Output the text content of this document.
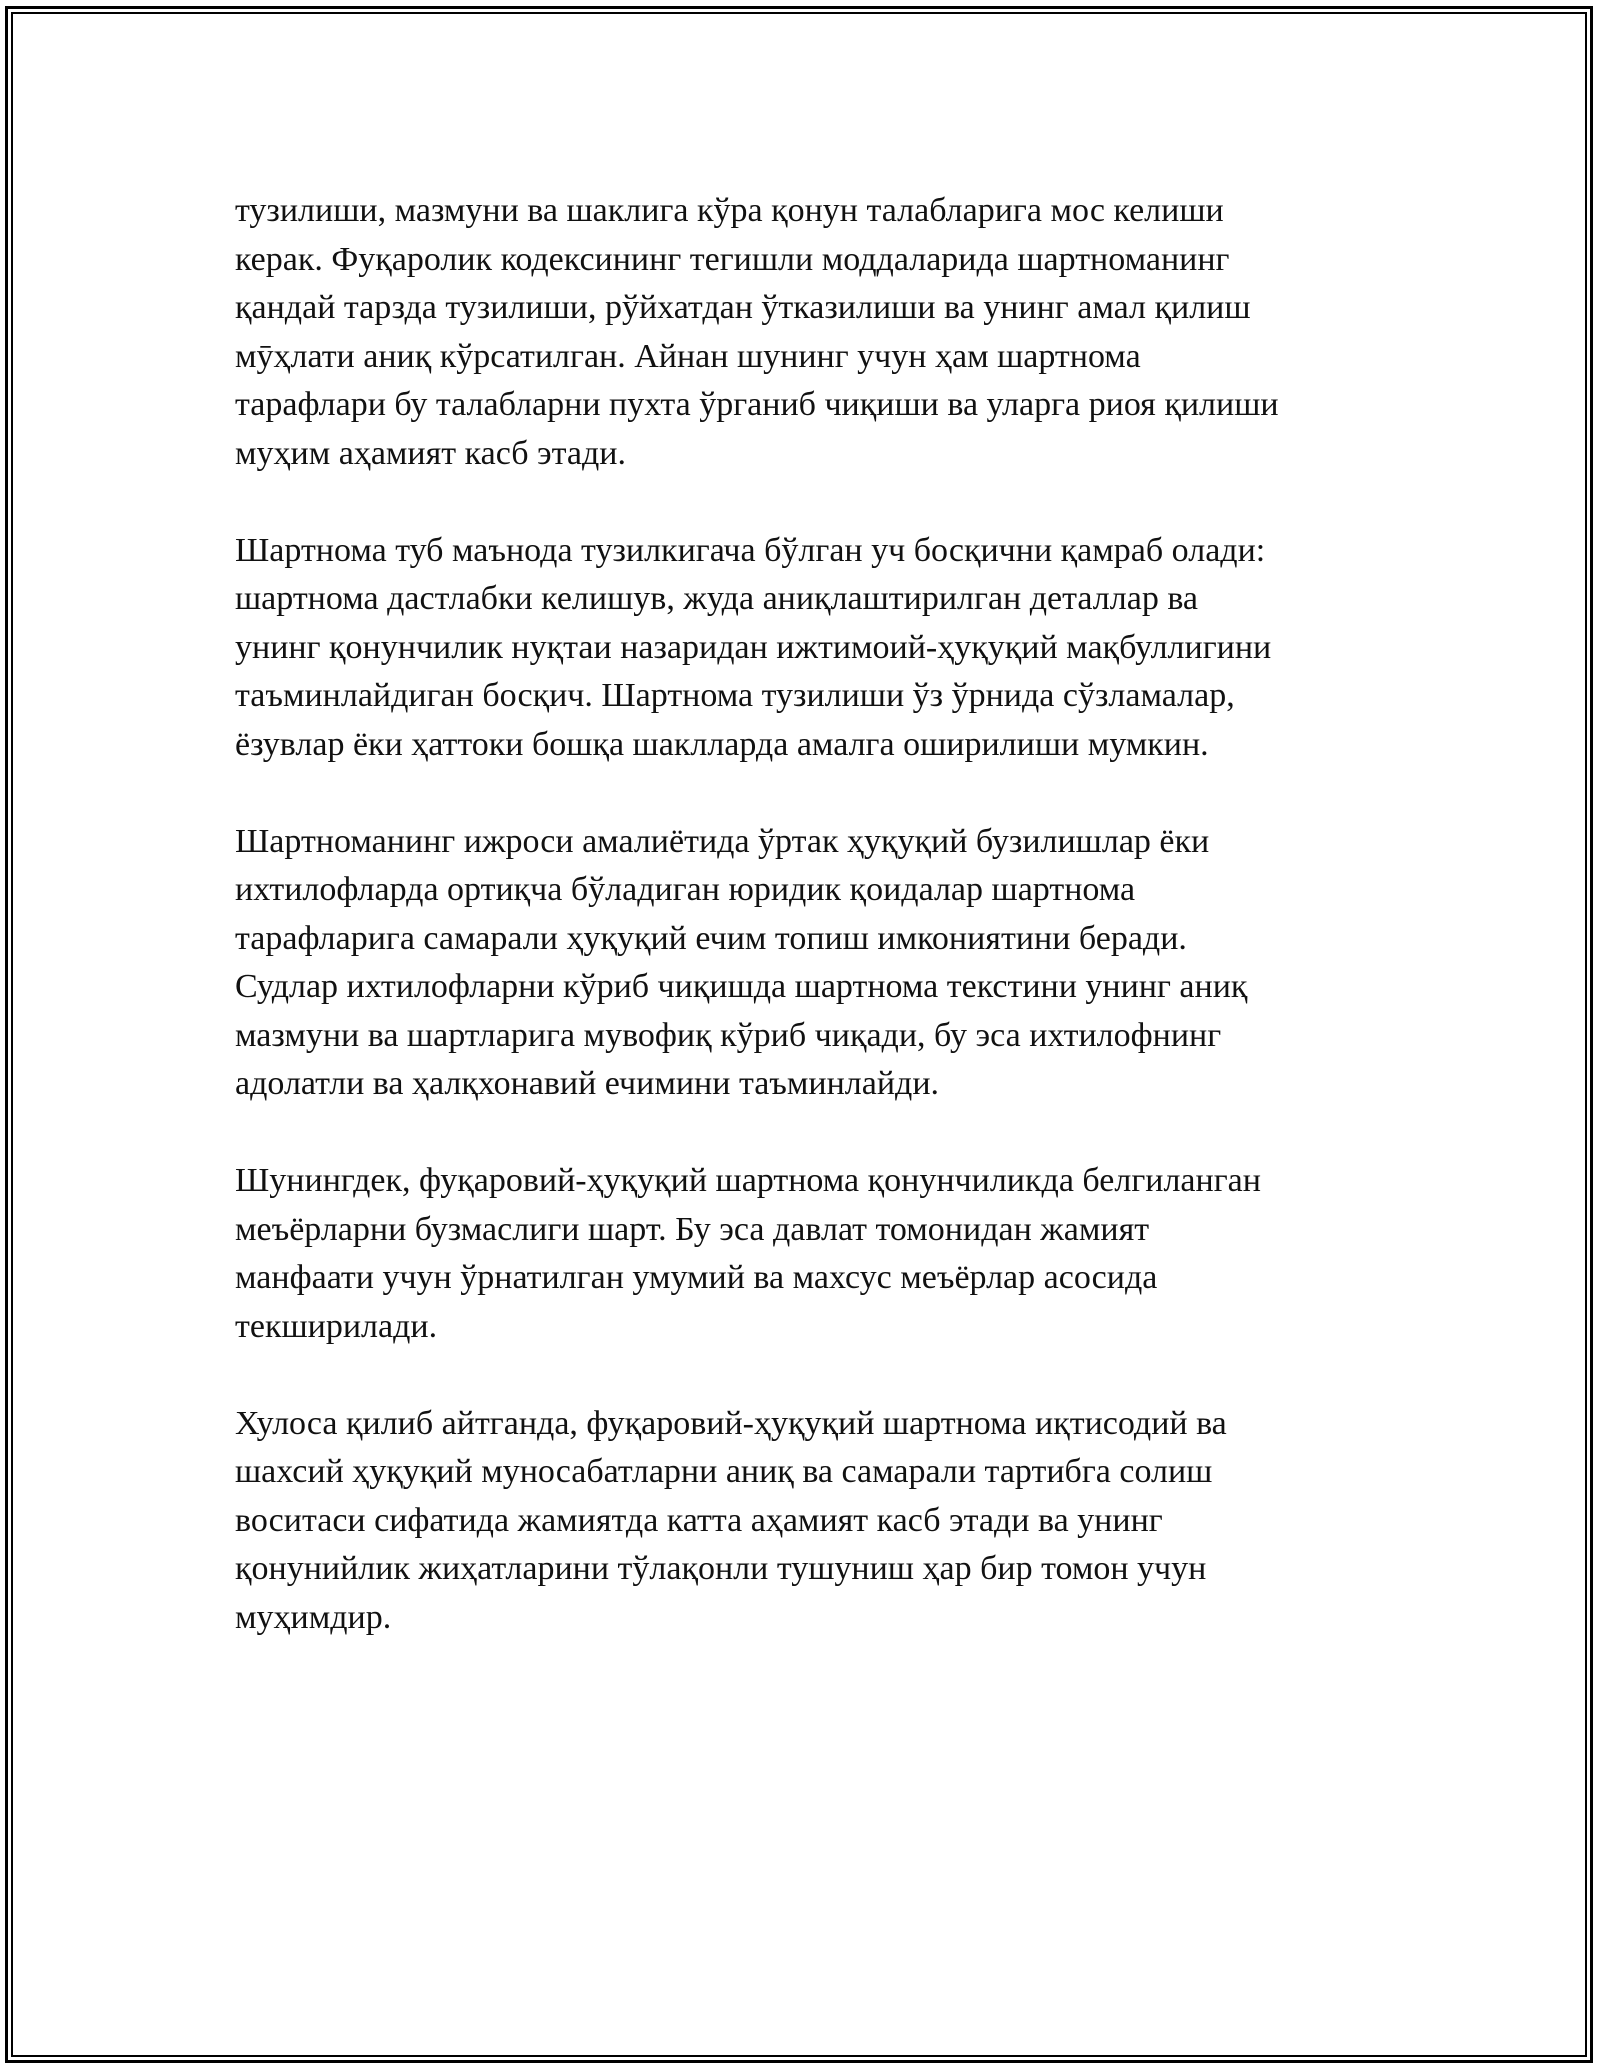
тузилиши, мазмуни ва шаклига кўра қонун талабларига мос келиши
керак. Фуқаролик кодексининг тегишли моддаларида шартноманинг
қандай тарзда тузилиши, рўйхатдан ўтказилиши ва унинг амал қилиш
мӯҳлати аниқ кўрсатилган. Айнан шунинг учун ҳам шартнома
тарафлари бу талабларни пухта ўрганиб чиқиши ва уларга риоя қилиши
муҳим аҳамият касб этади.

Шартнома туб маънода тузилкигача бўлган уч босқични қамраб олади:
шартнома дастлабки келишув, жуда аниқлаштирилган деталлар ва
унинг қонунчилик нуқтаи назаридан ижтимоий-ҳуқуқий мақбуллигини
таъминлайдиган босқич. Шартнома тузилиши ўз ўрнида сўзламалар,
ёзувлар ёки ҳаттоки бошқа шаклларда амалга оширилиши мумкин.

Шартноманинг ижроси амалиётида ўртак ҳуқуқий бузилишлар ёки
ихтилофларда ортиқча бўладиган юридик қоидалар шартнома
тарафларига самарали ҳуқуқий ечим топиш имкониятини беради.
Судлар ихтилофларни кўриб чиқишда шартнома текстини унинг аниқ
мазмуни ва шартларига мувофиқ кўриб чиқади, бу эса ихтилофнинг
адолатли ва ҳалқхонавий ечимини таъминлайди.

Шунингдек, фуқаровий-ҳуқуқий шартнома қонунчиликда белгиланган
меъёрларни бузмаслиги шарт. Бу эса давлат томонидан жамият
манфаати учун ўрнатилган умумий ва махсус меъёрлар асосида
текширилади.

Хулоса қилиб айтганда, фуқаровий-ҳуқуқий шартнома иқтисодий ва
шахсий ҳуқуқий муносабатларни аниқ ва самарали тартибга солиш
воситаси сифатида жамиятда катта аҳамият касб этади ва унинг
қонунийлик жиҳатларини тўлақонли тушуниш ҳар бир томон учун
муҳимдир.
